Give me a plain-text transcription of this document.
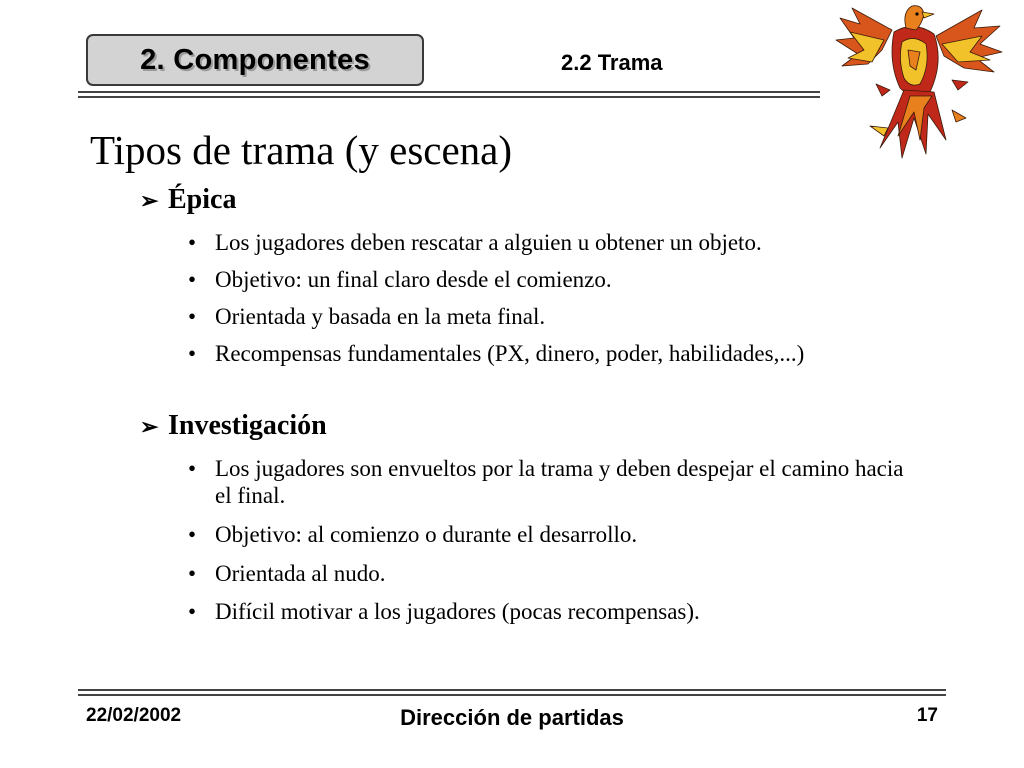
2. Componentes	2.2 Trama
Tipos de trama (y escena)
➢ Épica
• Los jugadores deben rescatar a alguien u obtener un objeto.
• Objetivo: un final claro desde el comienzo.
• Orientada y basada en la meta final.
• Recompensas fundamentales (PX, dinero, poder, habilidades,...)
➢ Investigación
• Los jugadores son envueltos por la trama y deben despejar el camino hacia el final.
• Objetivo: al comienzo o durante el desarrollo.
• Orientada al nudo.
• Difícil motivar a los jugadores (pocas recompensas).
22/02/2002	Dirección de partidas	17
